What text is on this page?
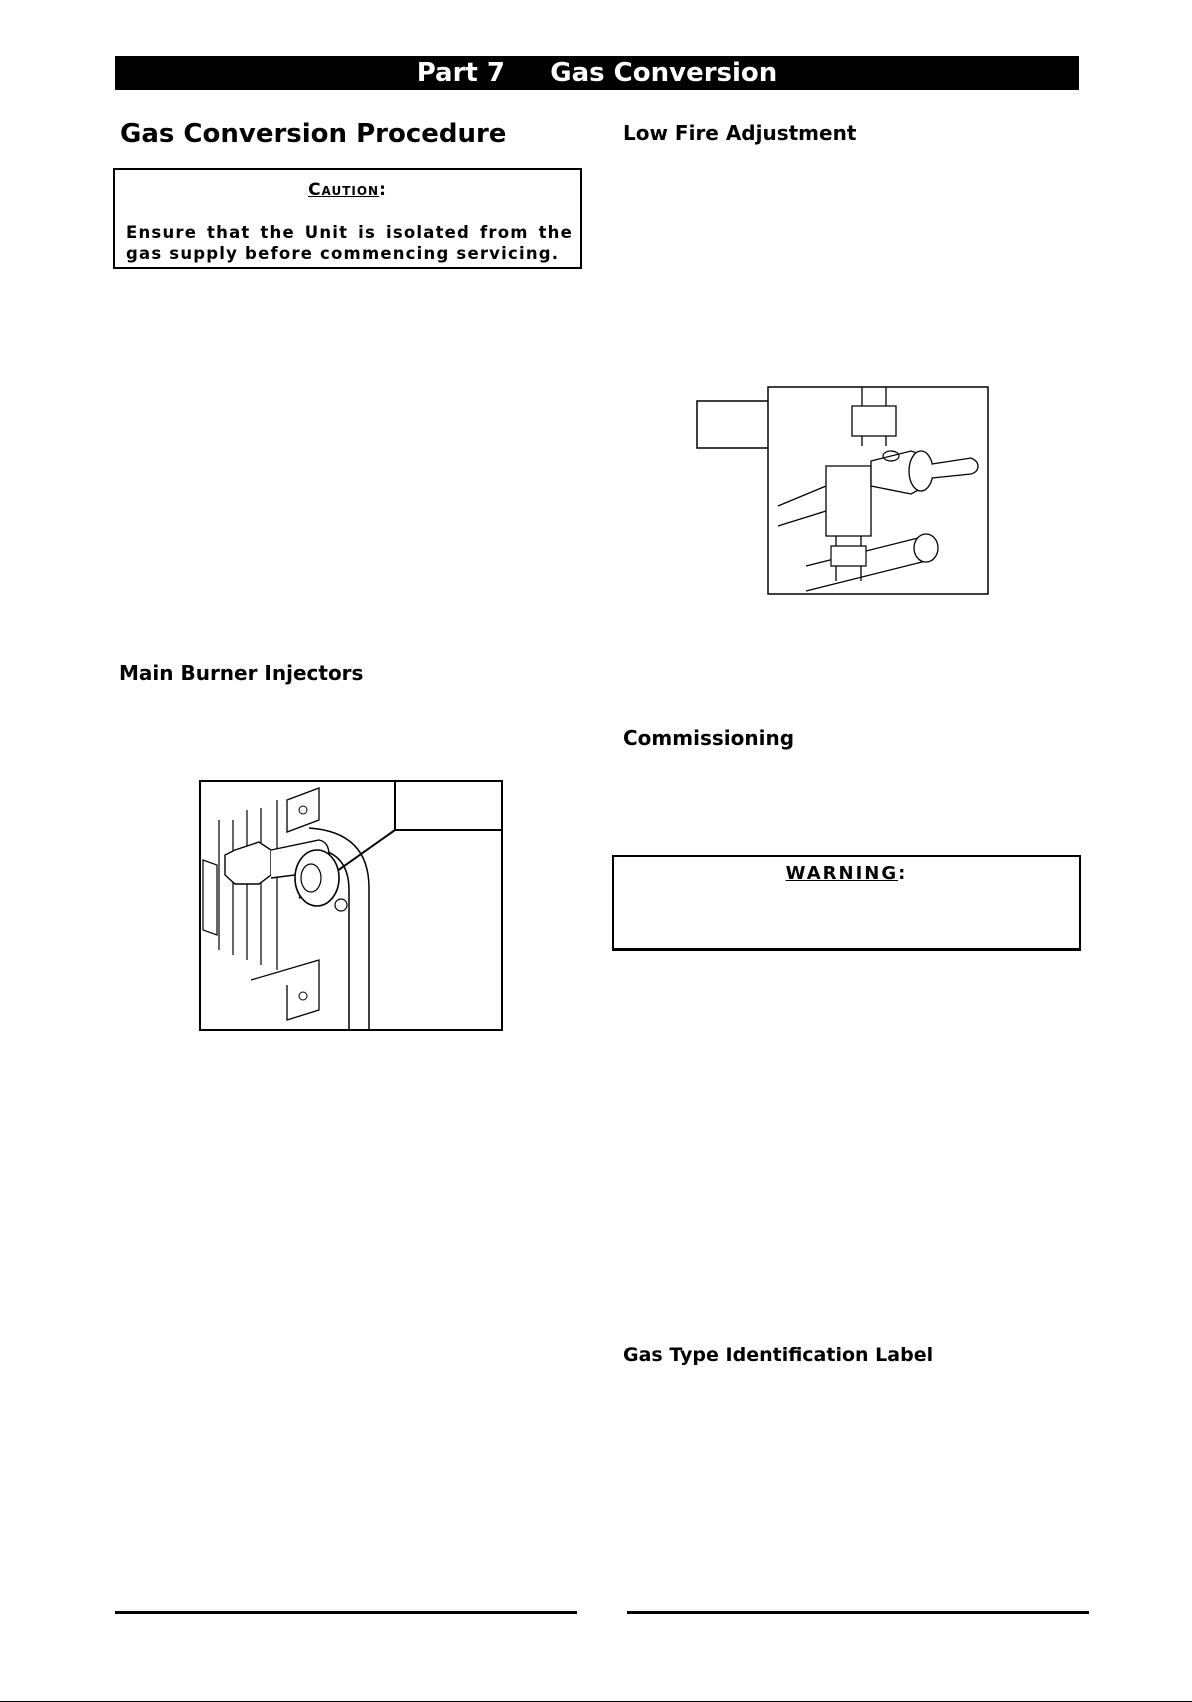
Part 7 Gas Conversion
Gas Conversion Procedure
Caution:
Ensure that the Unit is isolated from the gas supply before commencing servicing.
Main Burner Injectors
Low Fire Adjustment
Commissioning
WARNING:
Gas Type Identification Label
